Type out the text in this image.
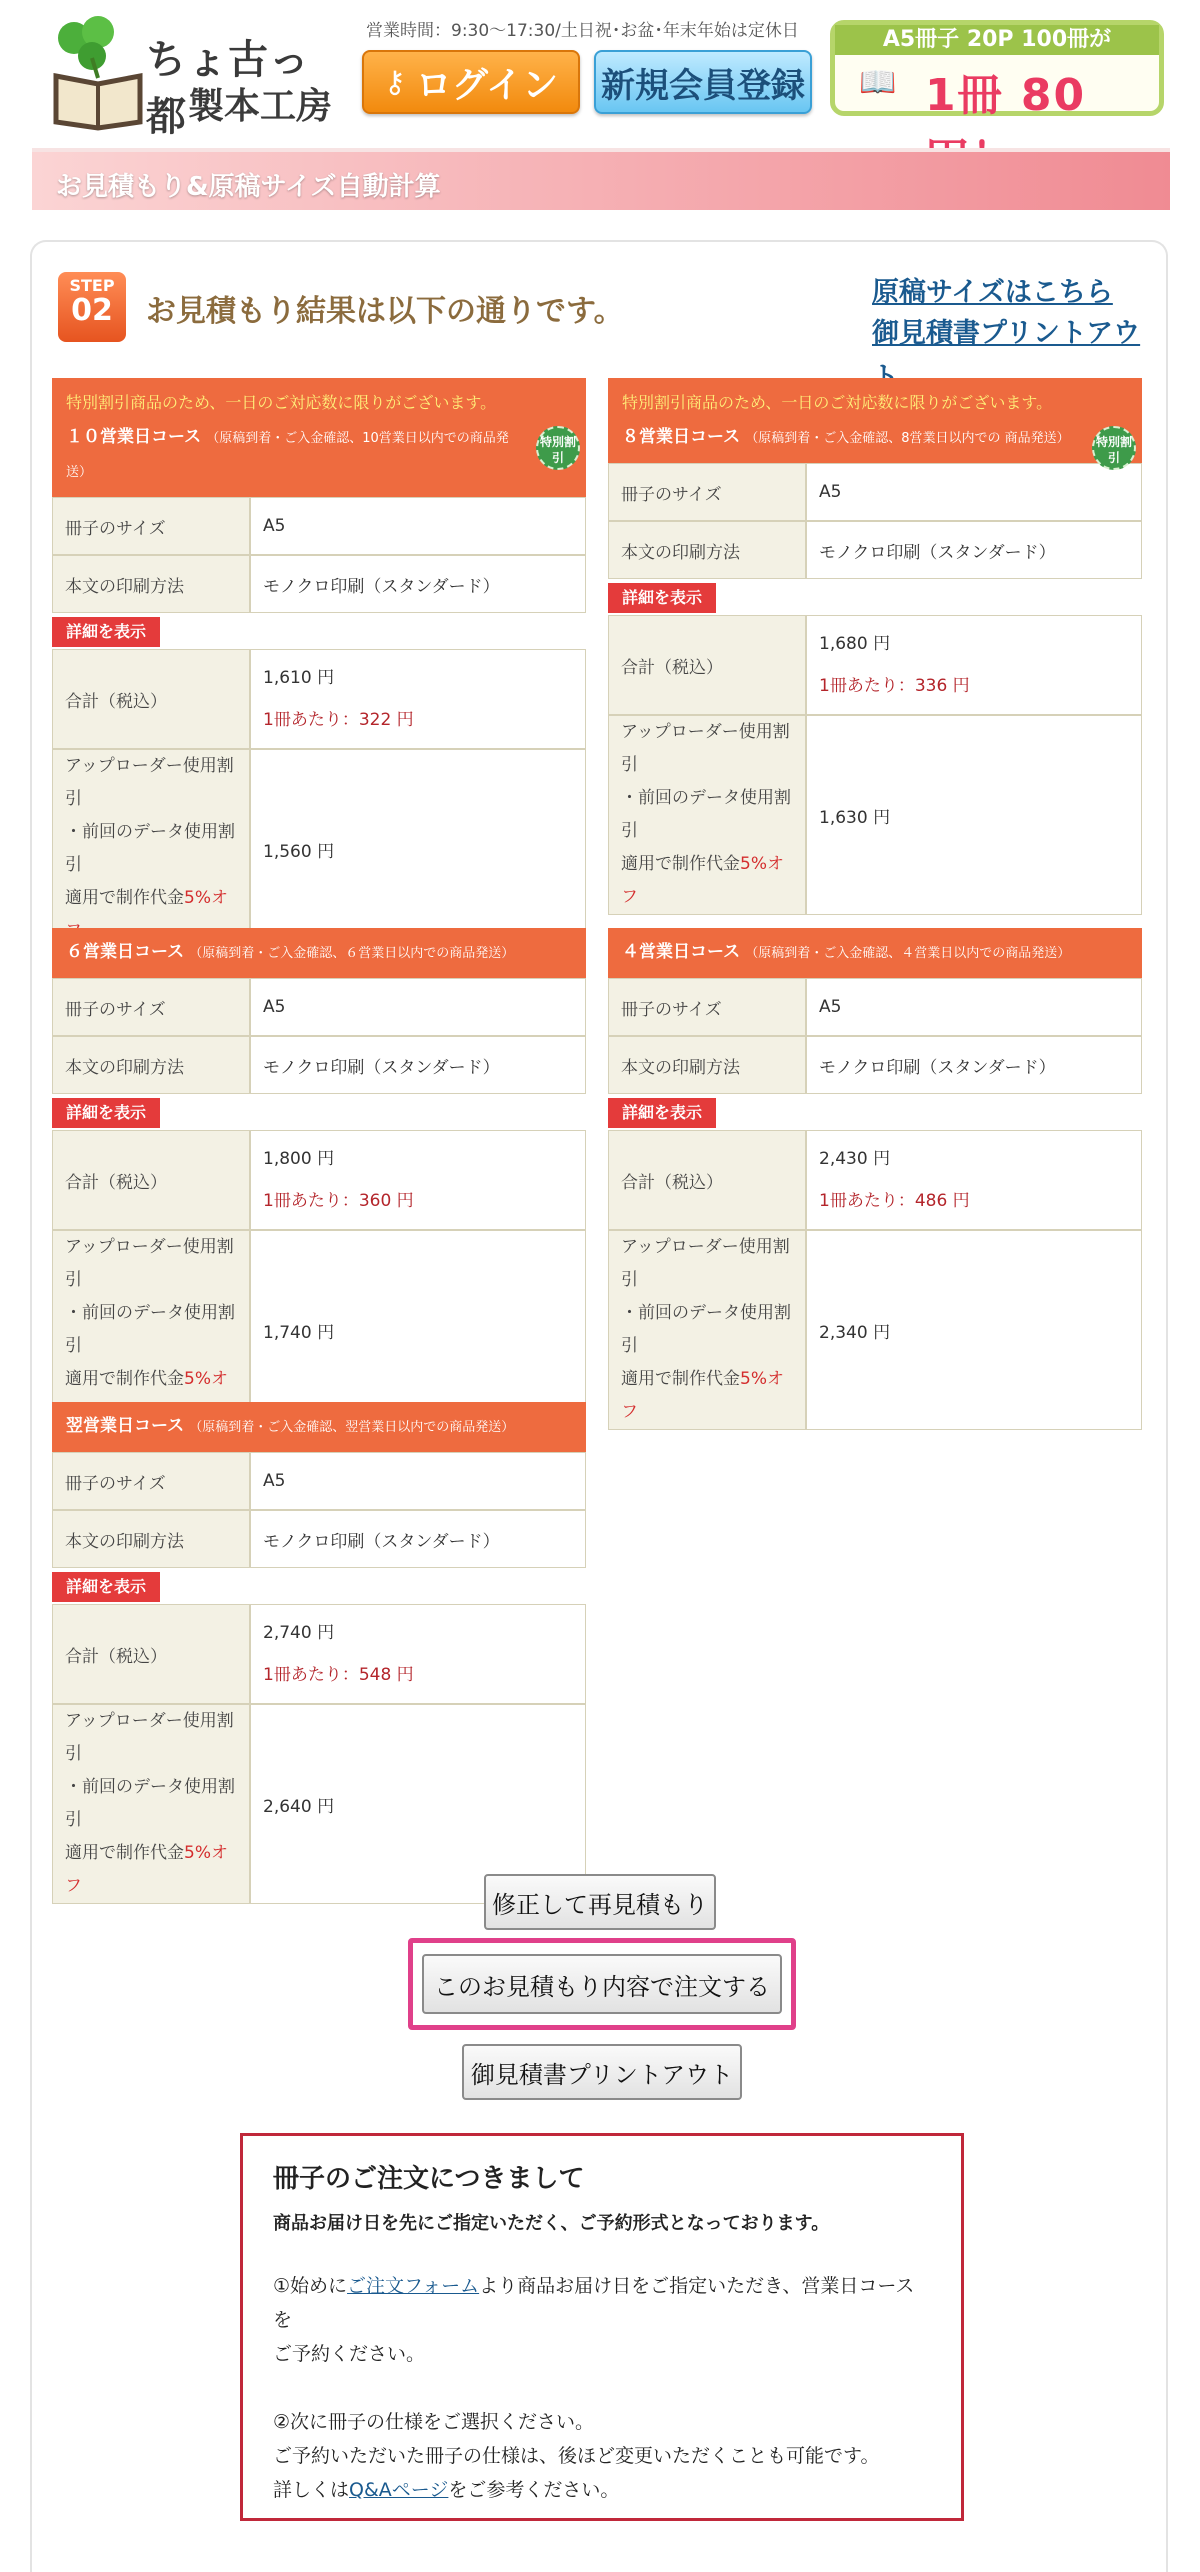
ちょ古っ都 製本工房
営業時間：9:30〜17:30/土日祝･お盆･年末年始は定休日
⚷ ログイン 新規会員登録
A5冊子 20P 100冊が
📖 1冊 80
お見積もり&原稿サイズ自動計算
STEP
02	お見積もり結果は以下の通りです。
原稿サイズはこちら
御見積書プリントアウ
特別割引商品のため、一日のご対応数に限りがございます。
特別割引
１０営業日コース （原稿到着・ご入金確認、10営業日以内での商品発送）
冊子のサイズ	A5
本文の印刷方法	モノクロ印刷（スタンダード）
詳細を表示
合計（税込）	1,610 円
1冊あたり：322 円

アップローダー使用割引
・前回のデータ使用割引
適用で制作代金5%オ	1,560 円
特別割引商品のため、一日のご対応数に限りがございます。
特別割引
８営業日コース （原稿到着・ご入金確認、8営業日以内での 商品発送）
冊子のサイズ	A5
本文の印刷方法	モノクロ印刷（スタンダード）
詳細を表示
合計（税込）	1,680 円
1冊あたり：336 円

アップローダー使用割引
・前回のデータ使用割引
適用で制作代金5%オフ	1,630 円
６営業日コース （原稿到着・ご入金確認、６営業日以内での商品発送）
冊子のサイズ	A5
本文の印刷方法	モノクロ印刷（スタンダード）
詳細を表示
合計（税込）	1,800 円
1冊あたり：360 円

アップローダー使用割引
・前回のデータ使用割引
適用で制作代金5%オ	1,740 円
４営業日コース （原稿到着・ご入金確認、４営業日以内での商品発送）
冊子のサイズ	A5
本文の印刷方法	モノクロ印刷（スタンダード）
詳細を表示
合計（税込）	2,430 円
1冊あたり：486 円

アップローダー使用割引
・前回のデータ使用割引
適用で制作代金5%オフ	2,340 円
翌営業日コース （原稿到着・ご入金確認、翌営業日以内での商品発送）
冊子のサイズ	A5
本文の印刷方法	モノクロ印刷（スタンダード）
詳細を表示
合計（税込）	2,740 円
1冊あたり：548 円

アップローダー使用割引
・前回のデータ使用割引
適用で制作代金5%オフ	2,640 円
修正して再見積もり
このお見積もり内容で注文する
御見積書プリントアウト
冊子のご注文につきまして
商品お届け日を先にご指定いただく、ご予約形式となっております。

①始めにご注文フォームより商品お届け日をご指定いただき、営業日コースを

ご予約ください。

②次に冊子の仕様をご選択ください。

ご予約いただいた冊子の仕様は、後ほど変更いただくことも可能です。

詳しくはQ&Aページをご参考ください。
